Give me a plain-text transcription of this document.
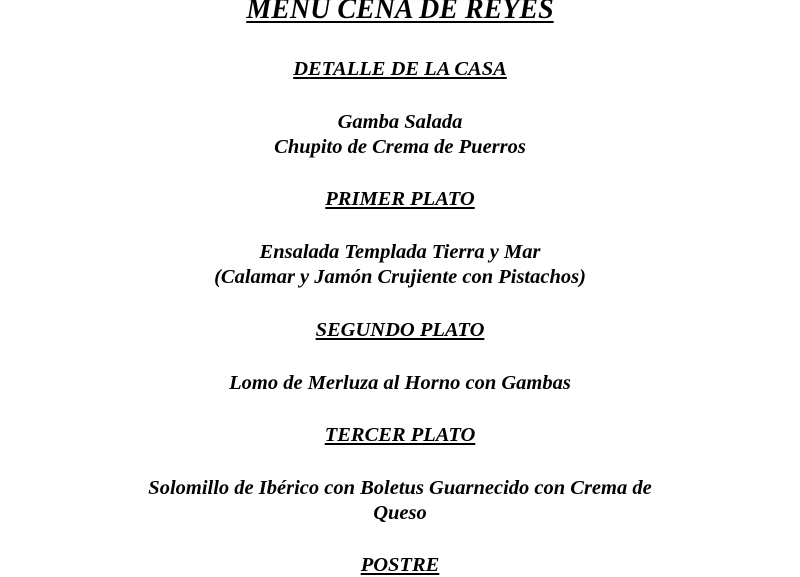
MENU CENA DE REYES
DETALLE DE LA CASA
Gamba Salada
Chupito de Crema de Puerros
PRIMER PLATO
Ensalada Templada Tierra y Mar
(Calamar y Jamón Crujiente con Pistachos)
SEGUNDO PLATO
Lomo de Merluza al Horno con Gambas
TERCER PLATO
Solomillo de Ibérico con Boletus Guarnecido con Crema de
Queso
POSTRE
